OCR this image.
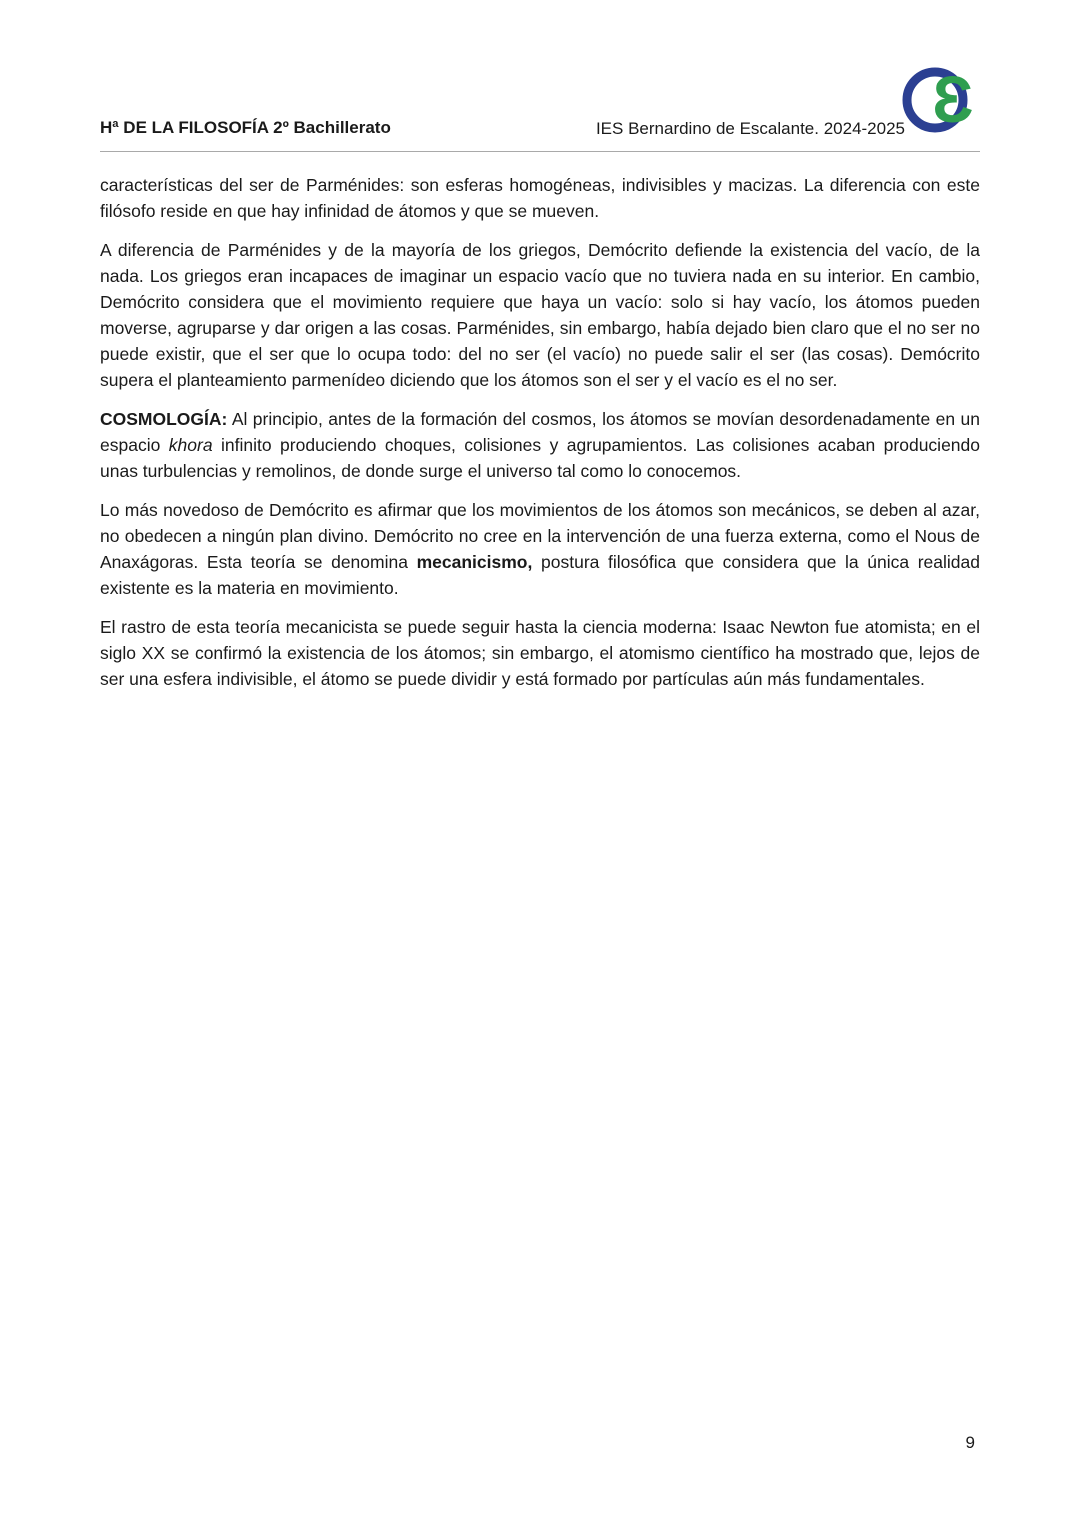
Ɛ
Hª DE LA FILOSOFÍA 2º Bachillerato	IES Bernardino de Escalante. 2024-2025

características del ser de Parménides: son esferas homogéneas, indivisibles y macizas. La diferencia con este filósofo reside en que hay infinidad de átomos y que se mueven.

A diferencia de Parménides y de la mayoría de los griegos, Demócrito defiende la existencia del vacío, de la nada. Los griegos eran incapaces de imaginar un espacio vacío que no tuviera nada en su interior. En cambio, Demócrito considera que el movimiento requiere que haya un vacío: solo si hay vacío, los átomos pueden moverse, agruparse y dar origen a las cosas. Parménides, sin embargo, había dejado bien claro que el no ser no puede existir, que el ser que lo ocupa todo: del no ser (el vacío) no puede salir el ser (las cosas). Demócrito supera el planteamiento parmenídeo diciendo que los átomos son el ser y el vacío es el no ser.

COSMOLOGÍA: Al principio, antes de la formación del cosmos, los átomos se movían desordenadamente en un espacio khora infinito produciendo choques, colisiones y agrupamientos. Las colisiones acaban produciendo unas turbulencias y remolinos, de donde surge el universo tal como lo conocemos.

Lo más novedoso de Demócrito es afirmar que los movimientos de los átomos son mecánicos, se deben al azar, no obedecen a ningún plan divino. Demócrito no cree en la intervención de una fuerza externa, como el Nous de Anaxágoras. Esta teoría se denomina mecanicismo, postura filosófica que considera que la única realidad existente es la materia en movimiento.

El rastro de esta teoría mecanicista se puede seguir hasta la ciencia moderna: Isaac Newton fue atomista; en el siglo XX se confirmó la existencia de los átomos; sin embargo, el atomismo científico ha mostrado que, lejos de ser una esfera indivisible, el átomo se puede dividir y está formado por partículas aún más fundamentales.

9
